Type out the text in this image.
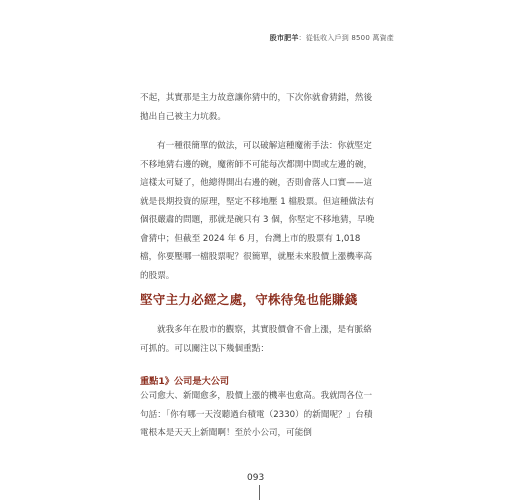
股市肥羊：從低收入戶到 8500 萬資產

不起，其實那是主力故意讓你猜中的，下次你就會猜錯，然後拋出自己被主力坑殺。

有一種很簡單的做法，可以破解這種魔術手法：你就堅定不移地猜右邊的碗，魔術師不可能每次都開中間或左邊的碗，這樣太可疑了，他總得開出右邊的碗，否則會落人口實——這就是長期投資的原理，堅定不移地壓 1 檔股票。但這種做法有個很嚴肅的問題，那就是碗只有 3 個，你堅定不移地猜，早晚會猜中；但截至 2024 年 6 月，台灣上市的股票有 1,018 檔，你要壓哪一檔股票呢？很簡單，就壓未來股價上漲機率高的股票。

堅守主力必經之處，守株待兔也能賺錢

就我多年在股市的觀察，其實股價會不會上漲，是有脈絡可抓的。可以關注以下幾個重點：

重點1》公司是大公司

公司愈大、新聞愈多，股價上漲的機率也愈高。我就問各位一句話：「你有哪一天沒聽過台積電（2330）的新聞呢？」台積電根本是天天上新聞啊！至於小公司，可能倒

093
